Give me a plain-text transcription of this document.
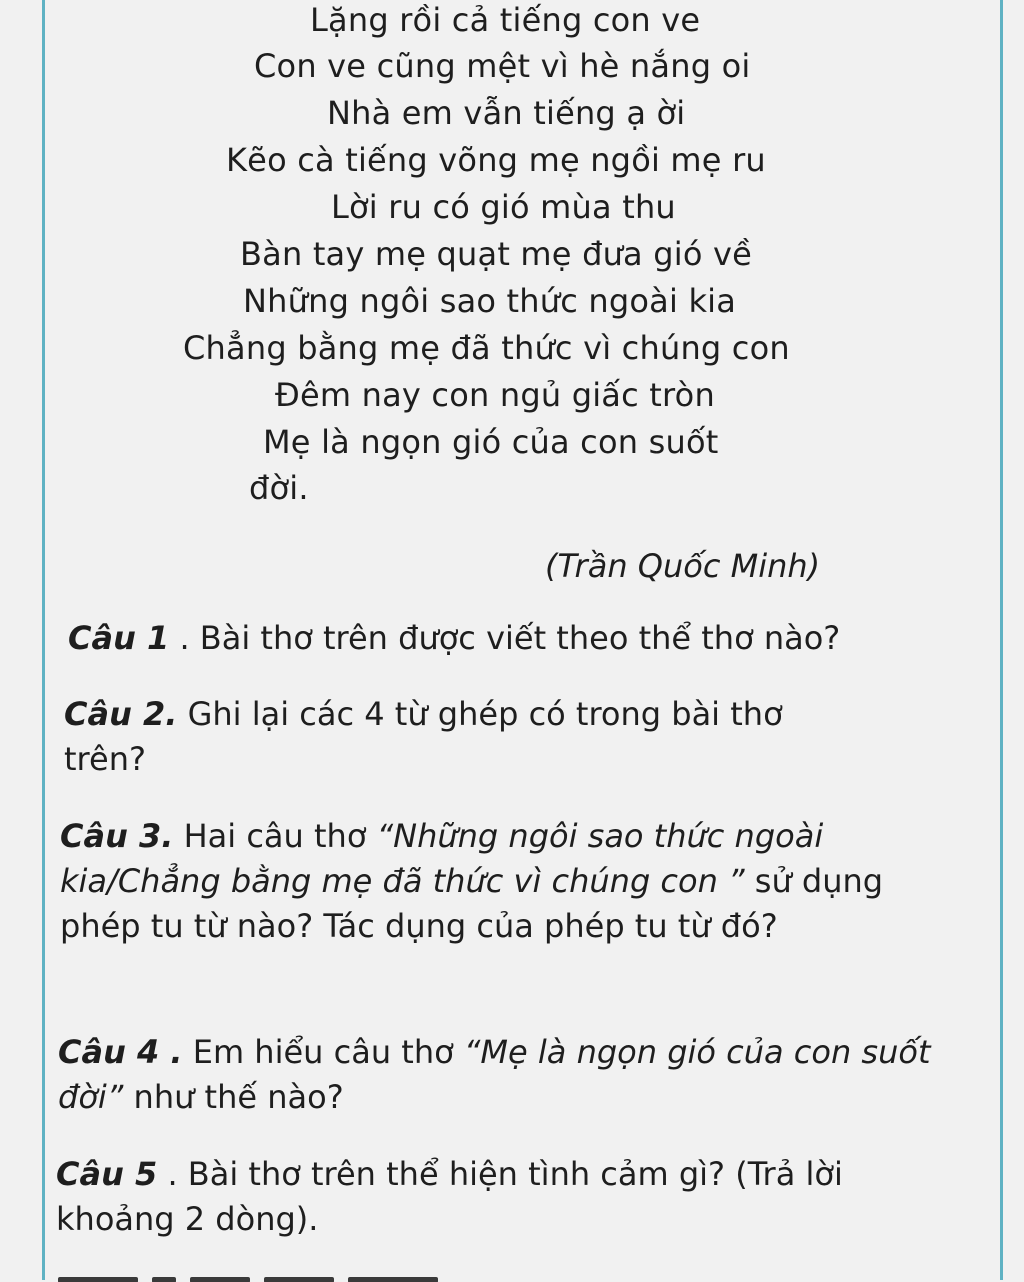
Lặng rồi cả tiếng con ve
Con ve cũng mệt vì hè nắng oi
Nhà em vẫn tiếng ạ ời
Kẽo cà tiếng võng mẹ ngồi mẹ ru
Lời ru có gió mùa thu
Bàn tay mẹ quạt mẹ đưa gió về
Những ngôi sao thức ngoài kia
Chẳng bằng mẹ đã thức vì chúng con
Đêm nay con ngủ giấc tròn
Mẹ là ngọn gió của con suốt
đời.
(Trần Quốc Minh)
Câu 1 . Bài thơ trên được viết theo thể thơ nào?
Câu 2. Ghi lại các 4 từ ghép có trong bài thơ trên?
Câu 3. Hai câu thơ “Những ngôi sao thức ngoài kia/Chẳng bằng mẹ đã thức vì chúng con ” sử dụng phép tu từ nào? Tác dụng của phép tu từ đó?
Câu 4 . Em hiểu câu thơ “Mẹ là ngọn gió của con suốt đời” như thế nào?
Câu 5 . Bài thơ trên thể hiện tình cảm gì? (Trả lời khoảng 2 dòng).
